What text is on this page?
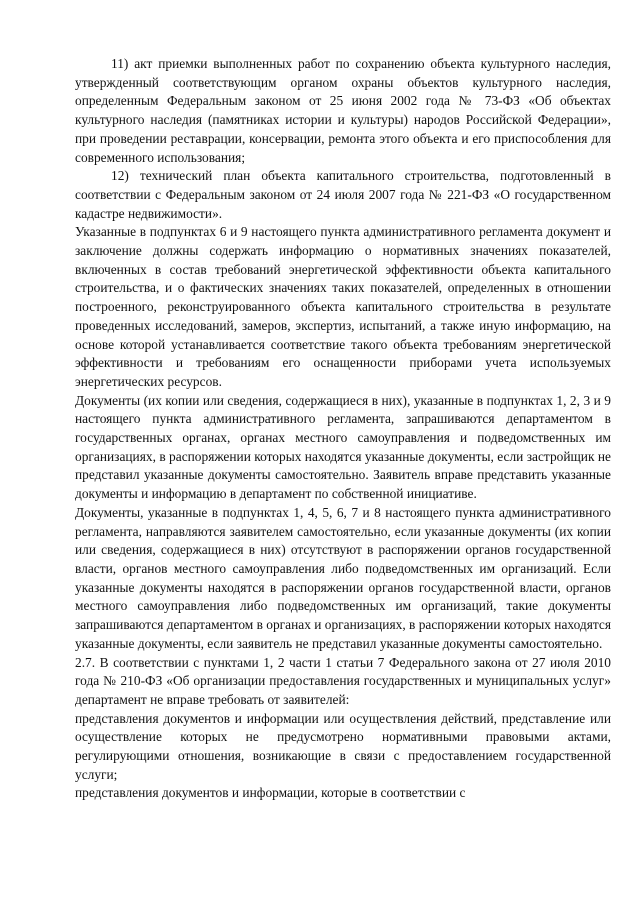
11) акт приемки выполненных работ по сохранению объекта культурного наследия, утвержденный соответствующим органом охраны объектов культурного наследия, определенным Федеральным законом от 25 июня 2002 года № 73-ФЗ «Об объектах культурного наследия (памятниках истории и культуры) народов Российской Федерации», при проведении реставрации, консервации, ремонта этого объекта и его приспособления для современного использования;

12) технический план объекта капитального строительства, подготовленный в соответствии с Федеральным законом от 24 июля 2007 года № 221-ФЗ «О государственном кадастре недвижимости».

Указанные в подпунктах 6 и 9 настоящего пункта административного регламента документ и заключение должны содержать информацию о нормативных значениях показателей, включенных в состав требований энергетической эффективности объекта капитального строительства, и о фактических значениях таких показателей, определенных в отношении построенного, реконструированного объекта капитального строительства в результате проведенных исследований, замеров, экспертиз, испытаний, а также иную информацию, на основе которой устанавливается соответствие такого объекта требованиям энергетической эффективности и требованиям его оснащенности приборами учета используемых энергетических ресурсов.

Документы (их копии или сведения, содержащиеся в них), указанные в подпунктах 1, 2, 3 и 9 настоящего пункта административного регламента, запрашиваются департаментом в государственных органах, органах местного самоуправления и подведомственных им организациях, в распоряжении которых находятся указанные документы, если застройщик не представил указанные документы самостоятельно. Заявитель вправе представить указанные документы и информацию в департамент по собственной инициативе.

Документы, указанные в подпунктах 1, 4, 5, 6, 7 и 8 настоящего пункта административного регламента, направляются заявителем самостоятельно, если указанные документы (их копии или сведения, содержащиеся в них) отсутствуют в распоряжении органов государственной власти, органов местного самоуправления либо подведомственных им организаций. Если указанные документы находятся в распоряжении органов государственной власти, органов местного самоуправления либо подведомственных им организаций, такие документы запрашиваются департаментом в органах и организациях, в распоряжении которых находятся указанные документы, если заявитель не представил указанные документы самостоятельно.

2.7. В соответствии с пунктами 1, 2 части 1 статьи 7 Федерального закона от 27 июля 2010 года № 210-ФЗ «Об организации предоставления государственных и муниципальных услуг» департамент не вправе требовать от заявителей:

представления документов и информации или осуществления действий, представление или осуществление которых не предусмотрено нормативными правовыми актами, регулирующими отношения, возникающие в связи с предоставлением государственной услуги;

представления документов и информации, которые в соответствии с
